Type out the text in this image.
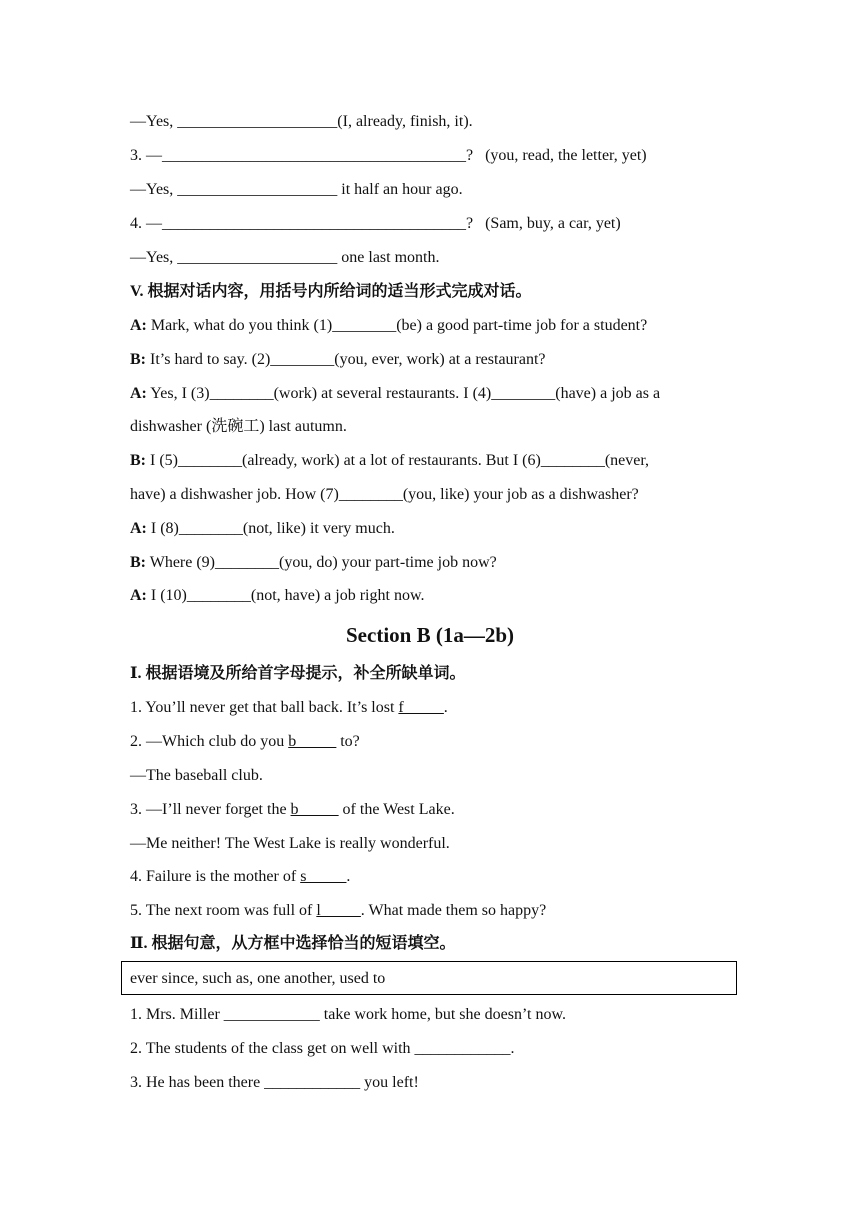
—Yes, ____________________(I, already, finish, it).
3. —______________________________________?   (you, read, the letter, yet)
—Yes, ____________________ it half an hour ago.
4. —______________________________________?   (Sam, buy, a car, yet)
—Yes, ____________________ one last month.
V. 根据对话内容，用括号内所给词的适当形式完成对话。
A: Mark, what do you think (1)________(be) a good part-time job for a student?
B: It’s hard to say. (2)________(you, ever, work) at a restaurant?
A: Yes, I (3)________(work) at several restaurants. I (4)________(have) a job as a
dishwasher (洗碗工) last autumn.
B: I (5)________(already, work) at a lot of restaurants. But I (6)________(never,
have) a dishwasher job. How (7)________(you, like) your job as a dishwasher?
A: I (8)________(not, like) it very much.
B: Where (9)________(you, do) your part-time job now?
A: I (10)________(not, have) a job right now.
Section B (1a—2b)
Ⅰ. 根据语境及所给首字母提示，补全所缺单词。
1. You’ll never get that ball back. It’s lost f_____.
2. —Which club do you b_____ to?
—The baseball club.
3. —I’ll never forget the b_____ of the West Lake.
—Me neither! The West Lake is really wonderful.
4. Failure is the mother of s_____.
5. The next room was full of l_____. What made them so happy?
Ⅱ. 根据句意，从方框中选择恰当的短语填空。
ever since, such as, one another, used to
1. Mrs. Miller ____________ take work home, but she doesn’t now.
2. The students of the class get on well with ____________.
3. He has been there ____________ you left!
